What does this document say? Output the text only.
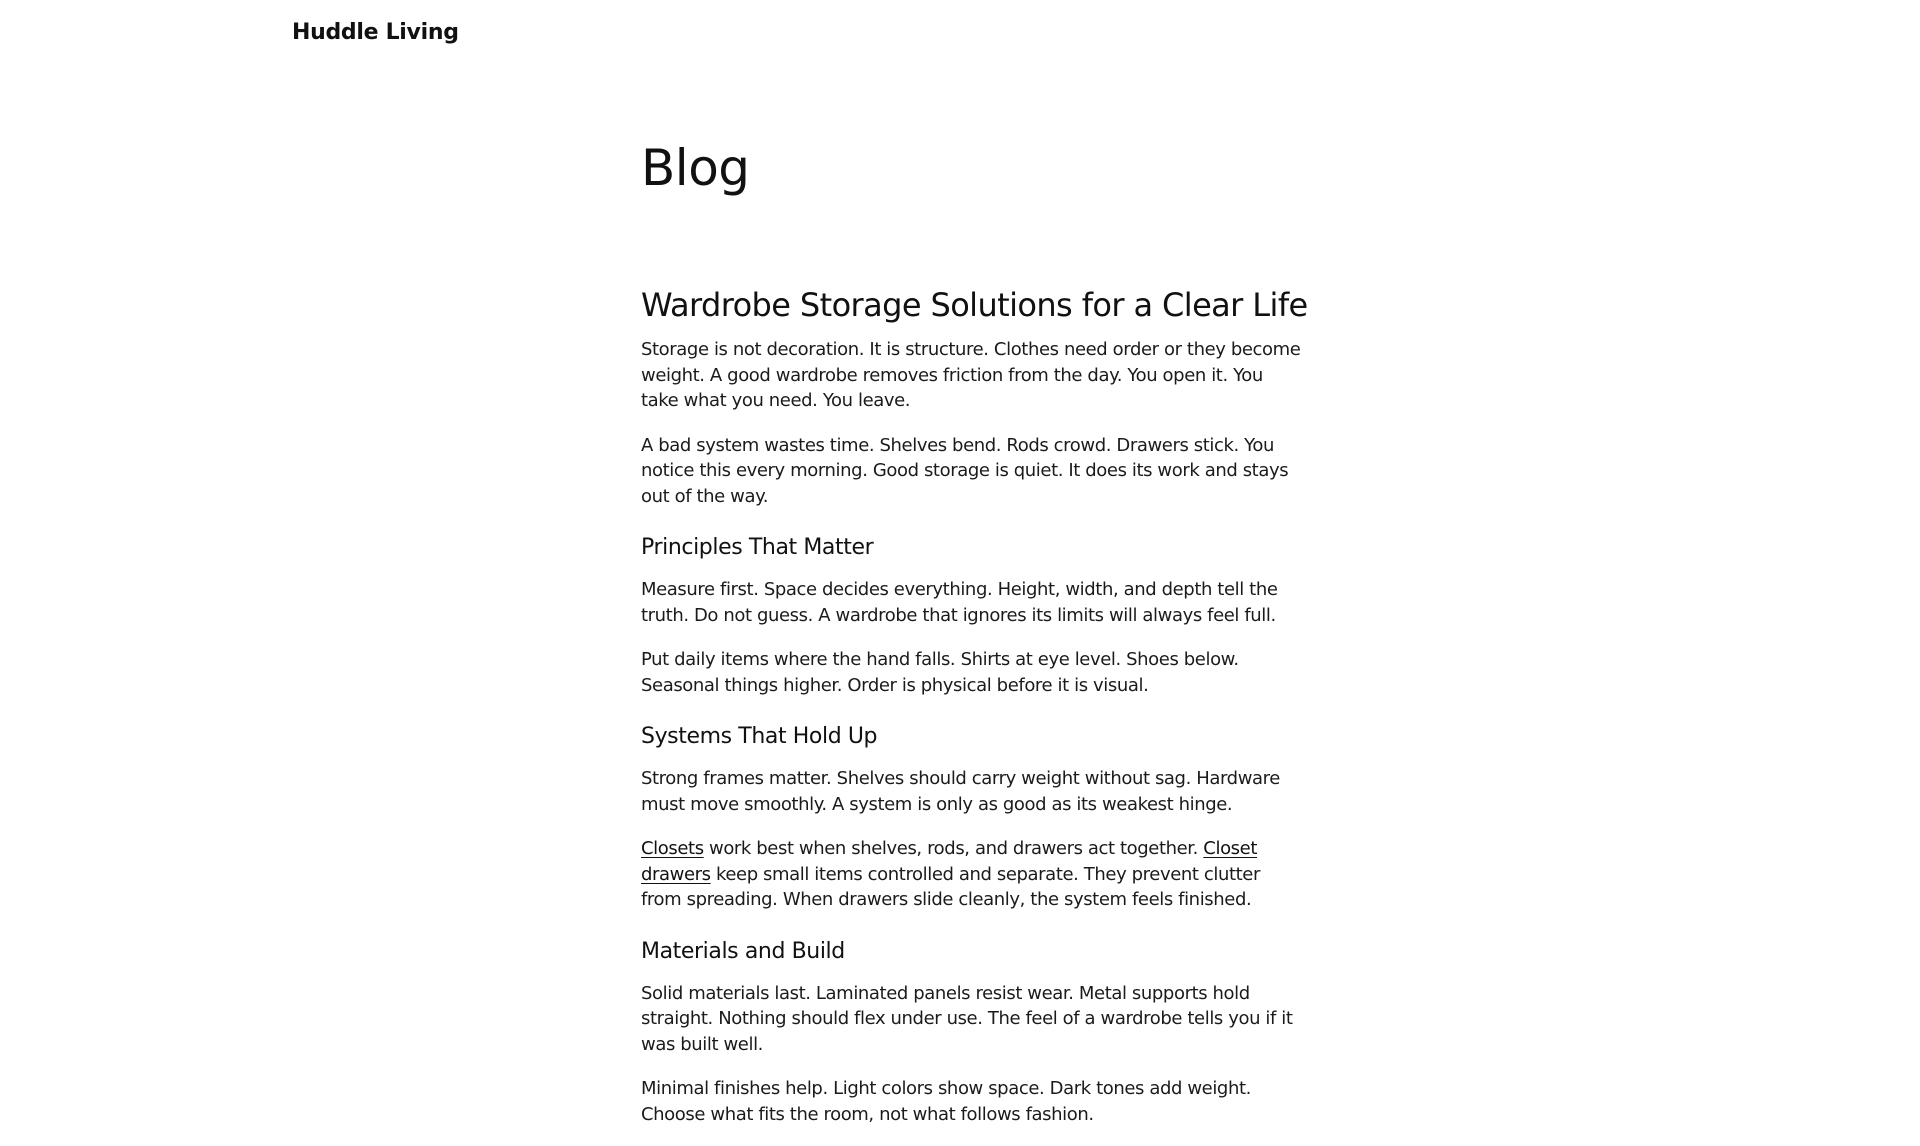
Huddle Living
Blog
Wardrobe Storage Solutions for a Clear Life

Storage is not decoration. It is structure. Clothes need order or they become weight. A good wardrobe removes friction from the day. You open it. You take what you need. You leave.

A bad system wastes time. Shelves bend. Rods crowd. Drawers stick. You notice this every morning. Good storage is quiet. It does its work and stays out of the way.

Principles That Matter

Measure first. Space decides everything. Height, width, and depth tell the truth. Do not guess. A wardrobe that ignores its limits will always feel full.

Put daily items where the hand falls. Shirts at eye level. Shoes below. Seasonal things higher. Order is physical before it is visual.

Systems That Hold Up

Strong frames matter. Shelves should carry weight without sag. Hardware must move smoothly. A system is only as good as its weakest hinge.

Closets work best when shelves, rods, and drawers act together. Closet drawers keep small items controlled and separate. They prevent clutter from spreading. When drawers slide cleanly, the system feels finished.

Materials and Build

Solid materials last. Laminated panels resist wear. Metal supports hold straight. Nothing should flex under use. The feel of a wardrobe tells you if it was built well.

Minimal finishes help. Light colors show space. Dark tones add weight. Choose what fits the room, not what follows fashion.
